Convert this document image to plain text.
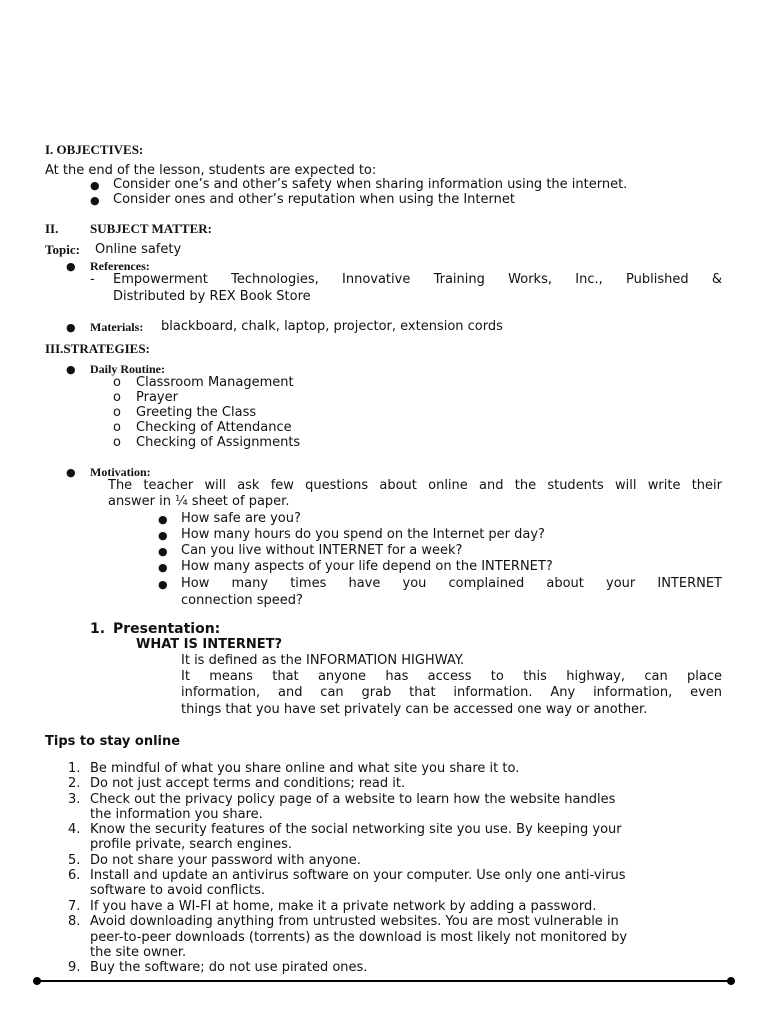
I. OBJECTIVES:
At the end of the lesson, students are expected to:
● Consider one’s and other’s safety when sharing information using the internet.
● Consider ones and other’s reputation when using the Internet
II. SUBJECT MATTER:
Topic: Online safety
● References:
- Empowerment Technologies, Innovative Training Works, Inc., Published &
Distributed by REX Book Store
● Materials: blackboard, chalk, laptop, projector, extension cords
III.STRATEGIES:
● Daily Routine:
o Classroom Management
o Prayer
o Greeting the Class
o Checking of Attendance
o Checking of Assignments
● Motivation:
The teacher will ask few questions about online and the students will write their
answer in ¼ sheet of paper.
● How safe are you?
● How many hours do you spend on the Internet per day?
● Can you live without INTERNET for a week?
● How many aspects of your life depend on the INTERNET?
● How many times have you complained about your INTERNET
connection speed?
1. Presentation:
WHAT IS INTERNET?
It is defined as the INFORMATION HIGHWAY.
It means that anyone has access to this highway, can place
information, and can grab that information. Any information, even
things that you have set privately can be accessed one way or another.
Tips to stay online
1. Be mindful of what you share online and what site you share it to.
2. Do not just accept terms and conditions; read it.
3. Check out the privacy policy page of a website to learn how the website handles
the information you share.
4. Know the security features of the social networking site you use. By keeping your
profile private, search engines.
5. Do not share your password with anyone.
6. Install and update an antivirus software on your computer. Use only one anti-virus
software to avoid conflicts.
7. If you have a WI-FI at home, make it a private network by adding a password.
8. Avoid downloading anything from untrusted websites. You are most vulnerable in
peer-to-peer downloads (torrents) as the download is most likely not monitored by
the site owner.
9. Buy the software; do not use pirated ones.
